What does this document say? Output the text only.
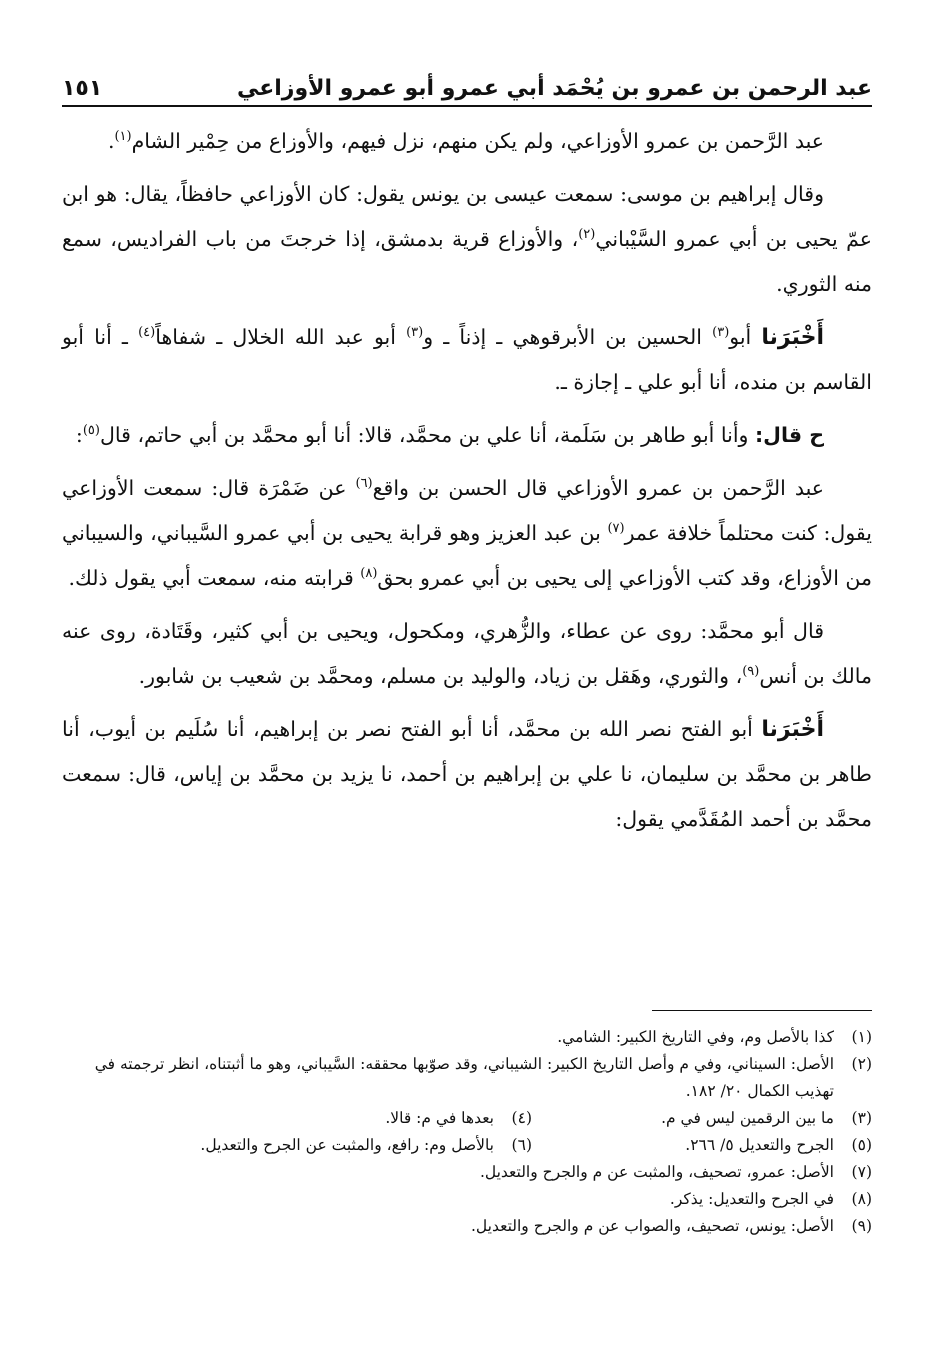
عبد الرحمن بن عمرو بن يُحْمَد أبي عمرو أبو عمرو الأوزاعي
١٥١

عبد الرَّحمن بن عمرو الأوزاعي، ولم يكن منهم، نزل فيهم، والأوزاع من حِمْير الشام$^{(١)}$.

وقال إبراهيم بن موسى: سمعت عيسى بن يونس يقول: كان الأوزاعي حافظاً، يقال: هو ابن عمّ يحيى بن أبي عمرو السَّيْباني$^{(٢)}$، والأوزاع قرية بدمشق، إذا خرجتَ من باب الفراديس، سمع منه الثوري.

أَخْبَرَنا أبو$^{(٣)}$ الحسين بن الأبرقوهي ـ إذناً ـ و$^{(٣)}$ أبو عبد الله الخلال ـ شفاهاً$^{(٤)}$ ـ أنا أبو القاسم بن منده، أنا أبو علي ـ إجازة ـ.

ح قال: وأنا أبو طاهر بن سَلَمة، أنا علي بن محمَّد، قالا: أنا أبو محمَّد بن أبي حاتم، قال$^{(٥)}$:

عبد الرَّحمن بن عمرو الأوزاعي قال الحسن بن واقع$^{(٦)}$ عن ضَمْرَة قال: سمعت الأوزاعي يقول: كنت محتلماً خلافة عمر$^{(٧)}$ بن عبد العزيز وهو قرابة يحيى بن أبي عمرو السَّيباني، والسيباني من الأوزاع، وقد كتب الأوزاعي إلى يحيى بن أبي عمرو بحق$^{(٨)}$ قرابته منه، سمعت أبي يقول ذلك.

قال أبو محمَّد: روى عن عطاء، والزُّهري، ومكحول، ويحيى بن أبي كثير، وقَتَادة، روى عنه مالك بن أنس$^{(٩)}$، والثوري، وهَقل بن زياد، والوليد بن مسلم، ومحمَّد بن شعيب بن شابور.

أَخْبَرَنا أبو الفتح نصر الله بن محمَّد، أنا أبو الفتح نصر بن إبراهيم، أنا سُلَيم بن أيوب، أنا طاهر بن محمَّد بن سليمان، نا علي بن إبراهيم بن أحمد، نا يزيد بن محمَّد بن إياس، قال: سمعت محمَّد بن أحمد المُقَدَّمي يقول:

(١)
كذا بالأصل وم، وفي التاريخ الكبير: الشامي.
(٢)
الأصل: السيناني، وفي م وأصل التاريخ الكبير: الشيباني، وقد صوّبها محققه: السَّيباني، وهو ما أثبتناه، انظر ترجمته في تهذيب الكمال ٢٠/ ١٨٢.
(٣)
ما بين الرقمين ليس في م.
(٤)
بعدها في م: قالا.
(٥)
الجرح والتعديل ٥/ ٢٦٦.
(٦)
بالأصل وم: رافع، والمثبت عن الجرح والتعديل.
(٧)
الأصل: عمرو، تصحيف، والمثبت عن م والجرح والتعديل.
(٨)
في الجرح والتعديل: يذكر.
(٩)
الأصل: يونس، تصحيف، والصواب عن م والجرح والتعديل.
